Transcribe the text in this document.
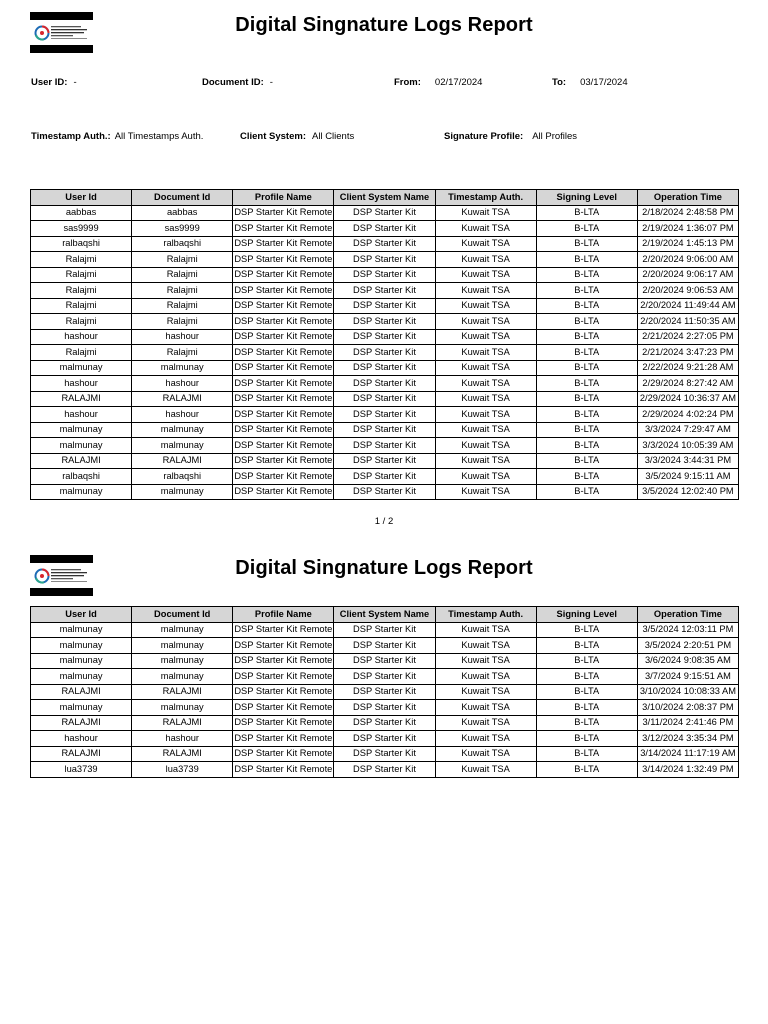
Digital Singnature Logs Report
User ID: -	Document ID: -	From: 02/17/2024	To: 03/17/2024
Timestamp Auth.: All Timestamps Auth.	Client System: All Clients	Signature Profile: All Profiles
User Id	Document Id	Profile Name	Client System Name	Timestamp Auth.	Signing Level	Operation Time
aabbas	aabbas	DSP Starter Kit Remote	DSP Starter Kit	Kuwait TSA	B-LTA	2/18/2024 2:48:58 PM
sas9999	sas9999	DSP Starter Kit Remote	DSP Starter Kit	Kuwait TSA	B-LTA	2/19/2024 1:36:07 PM
ralbaqshi	ralbaqshi	DSP Starter Kit Remote	DSP Starter Kit	Kuwait TSA	B-LTA	2/19/2024 1:45:13 PM
Ralajmi	Ralajmi	DSP Starter Kit Remote	DSP Starter Kit	Kuwait TSA	B-LTA	2/20/2024 9:06:00 AM
Ralajmi	Ralajmi	DSP Starter Kit Remote	DSP Starter Kit	Kuwait TSA	B-LTA	2/20/2024 9:06:17 AM
Ralajmi	Ralajmi	DSP Starter Kit Remote	DSP Starter Kit	Kuwait TSA	B-LTA	2/20/2024 9:06:53 AM
Ralajmi	Ralajmi	DSP Starter Kit Remote	DSP Starter Kit	Kuwait TSA	B-LTA	2/20/2024 11:49:44 AM
Ralajmi	Ralajmi	DSP Starter Kit Remote	DSP Starter Kit	Kuwait TSA	B-LTA	2/20/2024 11:50:35 AM
hashour	hashour	DSP Starter Kit Remote	DSP Starter Kit	Kuwait TSA	B-LTA	2/21/2024 2:27:05 PM
Ralajmi	Ralajmi	DSP Starter Kit Remote	DSP Starter Kit	Kuwait TSA	B-LTA	2/21/2024 3:47:23 PM
malmunay	malmunay	DSP Starter Kit Remote	DSP Starter Kit	Kuwait TSA	B-LTA	2/22/2024 9:21:28 AM
hashour	hashour	DSP Starter Kit Remote	DSP Starter Kit	Kuwait TSA	B-LTA	2/29/2024 8:27:42 AM
RALAJMI	RALAJMI	DSP Starter Kit Remote	DSP Starter Kit	Kuwait TSA	B-LTA	2/29/2024 10:36:37 AM
hashour	hashour	DSP Starter Kit Remote	DSP Starter Kit	Kuwait TSA	B-LTA	2/29/2024 4:02:24 PM
malmunay	malmunay	DSP Starter Kit Remote	DSP Starter Kit	Kuwait TSA	B-LTA	3/3/2024 7:29:47 AM
malmunay	malmunay	DSP Starter Kit Remote	DSP Starter Kit	Kuwait TSA	B-LTA	3/3/2024 10:05:39 AM
RALAJMI	RALAJMI	DSP Starter Kit Remote	DSP Starter Kit	Kuwait TSA	B-LTA	3/3/2024 3:44:31 PM
ralbaqshi	ralbaqshi	DSP Starter Kit Remote	DSP Starter Kit	Kuwait TSA	B-LTA	3/5/2024 9:15:11 AM
malmunay	malmunay	DSP Starter Kit Remote	DSP Starter Kit	Kuwait TSA	B-LTA	3/5/2024 12:02:40 PM
1 / 2
Digital Singnature Logs Report
User Id	Document Id	Profile Name	Client System Name	Timestamp Auth.	Signing Level	Operation Time
malmunay	malmunay	DSP Starter Kit Remote	DSP Starter Kit	Kuwait TSA	B-LTA	3/5/2024 12:03:11 PM
malmunay	malmunay	DSP Starter Kit Remote	DSP Starter Kit	Kuwait TSA	B-LTA	3/5/2024 2:20:51 PM
malmunay	malmunay	DSP Starter Kit Remote	DSP Starter Kit	Kuwait TSA	B-LTA	3/6/2024 9:08:35 AM
malmunay	malmunay	DSP Starter Kit Remote	DSP Starter Kit	Kuwait TSA	B-LTA	3/7/2024 9:15:51 AM
RALAJMI	RALAJMI	DSP Starter Kit Remote	DSP Starter Kit	Kuwait TSA	B-LTA	3/10/2024 10:08:33 AM
malmunay	malmunay	DSP Starter Kit Remote	DSP Starter Kit	Kuwait TSA	B-LTA	3/10/2024 2:08:37 PM
RALAJMI	RALAJMI	DSP Starter Kit Remote	DSP Starter Kit	Kuwait TSA	B-LTA	3/11/2024 2:41:46 PM
hashour	hashour	DSP Starter Kit Remote	DSP Starter Kit	Kuwait TSA	B-LTA	3/12/2024 3:35:34 PM
RALAJMI	RALAJMI	DSP Starter Kit Remote	DSP Starter Kit	Kuwait TSA	B-LTA	3/14/2024 11:17:19 AM
lua3739	lua3739	DSP Starter Kit Remote	DSP Starter Kit	Kuwait TSA	B-LTA	3/14/2024 1:32:49 PM
